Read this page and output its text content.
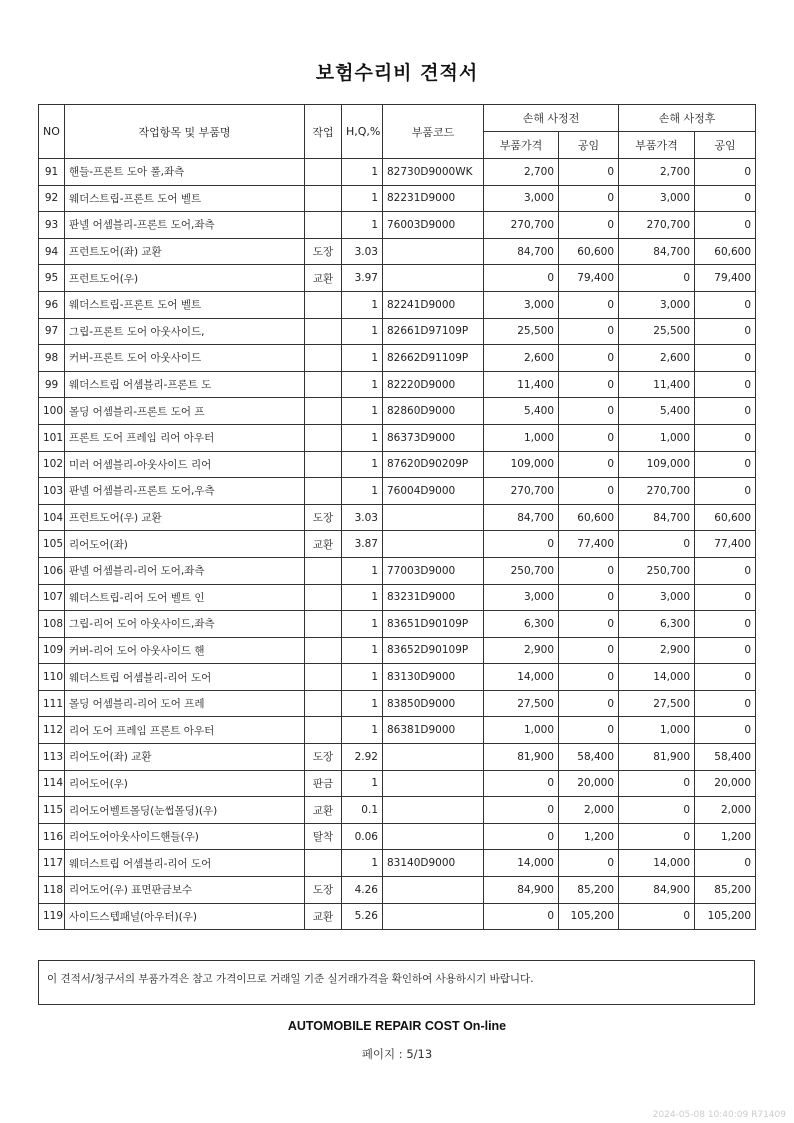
보험수리비 견적서
NO	작업항목 및 부품명	작업	H,Q,%	부품코드	손해 사정전		손해 사정후	
					부품가격	공임	부품가격	공임
91	핸들-프론트 도아 풀,좌측		1	82730D9000WK	2,700	0	2,700	0
92	웨더스트립-프론트 도어 벨트		1	82231D9000	3,000	0	3,000	0
93	판넬 어셈블리-프론트 도어,좌측		1	76003D9000	270,700	0	270,700	0
94	프런트도어(좌) 교환	도장	3.03		84,700	60,600	84,700	60,600
95	프런트도어(우)	교환	3.97		0	79,400	0	79,400
96	웨더스트립-프론트 도어 벨트		1	82241D9000	3,000	0	3,000	0
97	그립-프론트 도어 아웃사이드,		1	82661D97109P	25,500	0	25,500	0
98	커버-프론트 도어 아웃사이드		1	82662D91109P	2,600	0	2,600	0
99	웨더스트립 어셈블리-프론트 도		1	82220D9000	11,400	0	11,400	0
100	몰딩 어셈블리-프론트 도어 프		1	82860D9000	5,400	0	5,400	0
101	프론트 도어 프레임 리어 아우터		1	86373D9000	1,000	0	1,000	0
102	미러 어셈블리-아웃사이드 리어		1	87620D90209P	109,000	0	109,000	0
103	판넬 어셈블리-프론트 도어,우측		1	76004D9000	270,700	0	270,700	0
104	프런트도어(우) 교환	도장	3.03		84,700	60,600	84,700	60,600
105	리어도어(좌)	교환	3.87		0	77,400	0	77,400
106	판넬 어셈블리-리어 도어,좌측		1	77003D9000	250,700	0	250,700	0
107	웨더스트립-리어 도어 벨트 인		1	83231D9000	3,000	0	3,000	0
108	그립-리어 도어 아웃사이드,좌측		1	83651D90109P	6,300	0	6,300	0
109	커버-리어 도어 아웃사이드 핸		1	83652D90109P	2,900	0	2,900	0
110	웨더스트립 어셈블리-리어 도어		1	83130D9000	14,000	0	14,000	0
111	몰딩 어셈블리-리어 도어 프레		1	83850D9000	27,500	0	27,500	0
112	리어 도어 프레임 프론트 아우터		1	86381D9000	1,000	0	1,000	0
113	리어도어(좌) 교환	도장	2.92		81,900	58,400	81,900	58,400
114	리어도어(우)	판금	1		0	20,000	0	20,000
115	리어도어벨트몰딩(눈썹몰딩)(우)	교환	0.1		0	2,000	0	2,000
116	리어도어아웃사이드핸들(우)	탈착	0.06		0	1,200	0	1,200
117	웨더스트립 어셈블리-리어 도어		1	83140D9000	14,000	0	14,000	0
118	리어도어(우) 표면판금보수	도장	4.26		84,900	85,200	84,900	85,200
119	사이드스텝패널(아우터)(우)	교환	5.26		0	105,200	0	105,200
이 견적서/청구서의 부품가격은 참고 가격이므로 거래일 기준 실거래가격을 확인하여 사용하시기 바랍니다.
AUTOMOBILE REPAIR COST On-line
페이지 : 5/13
2024-05-08 10:40:09 R71409
